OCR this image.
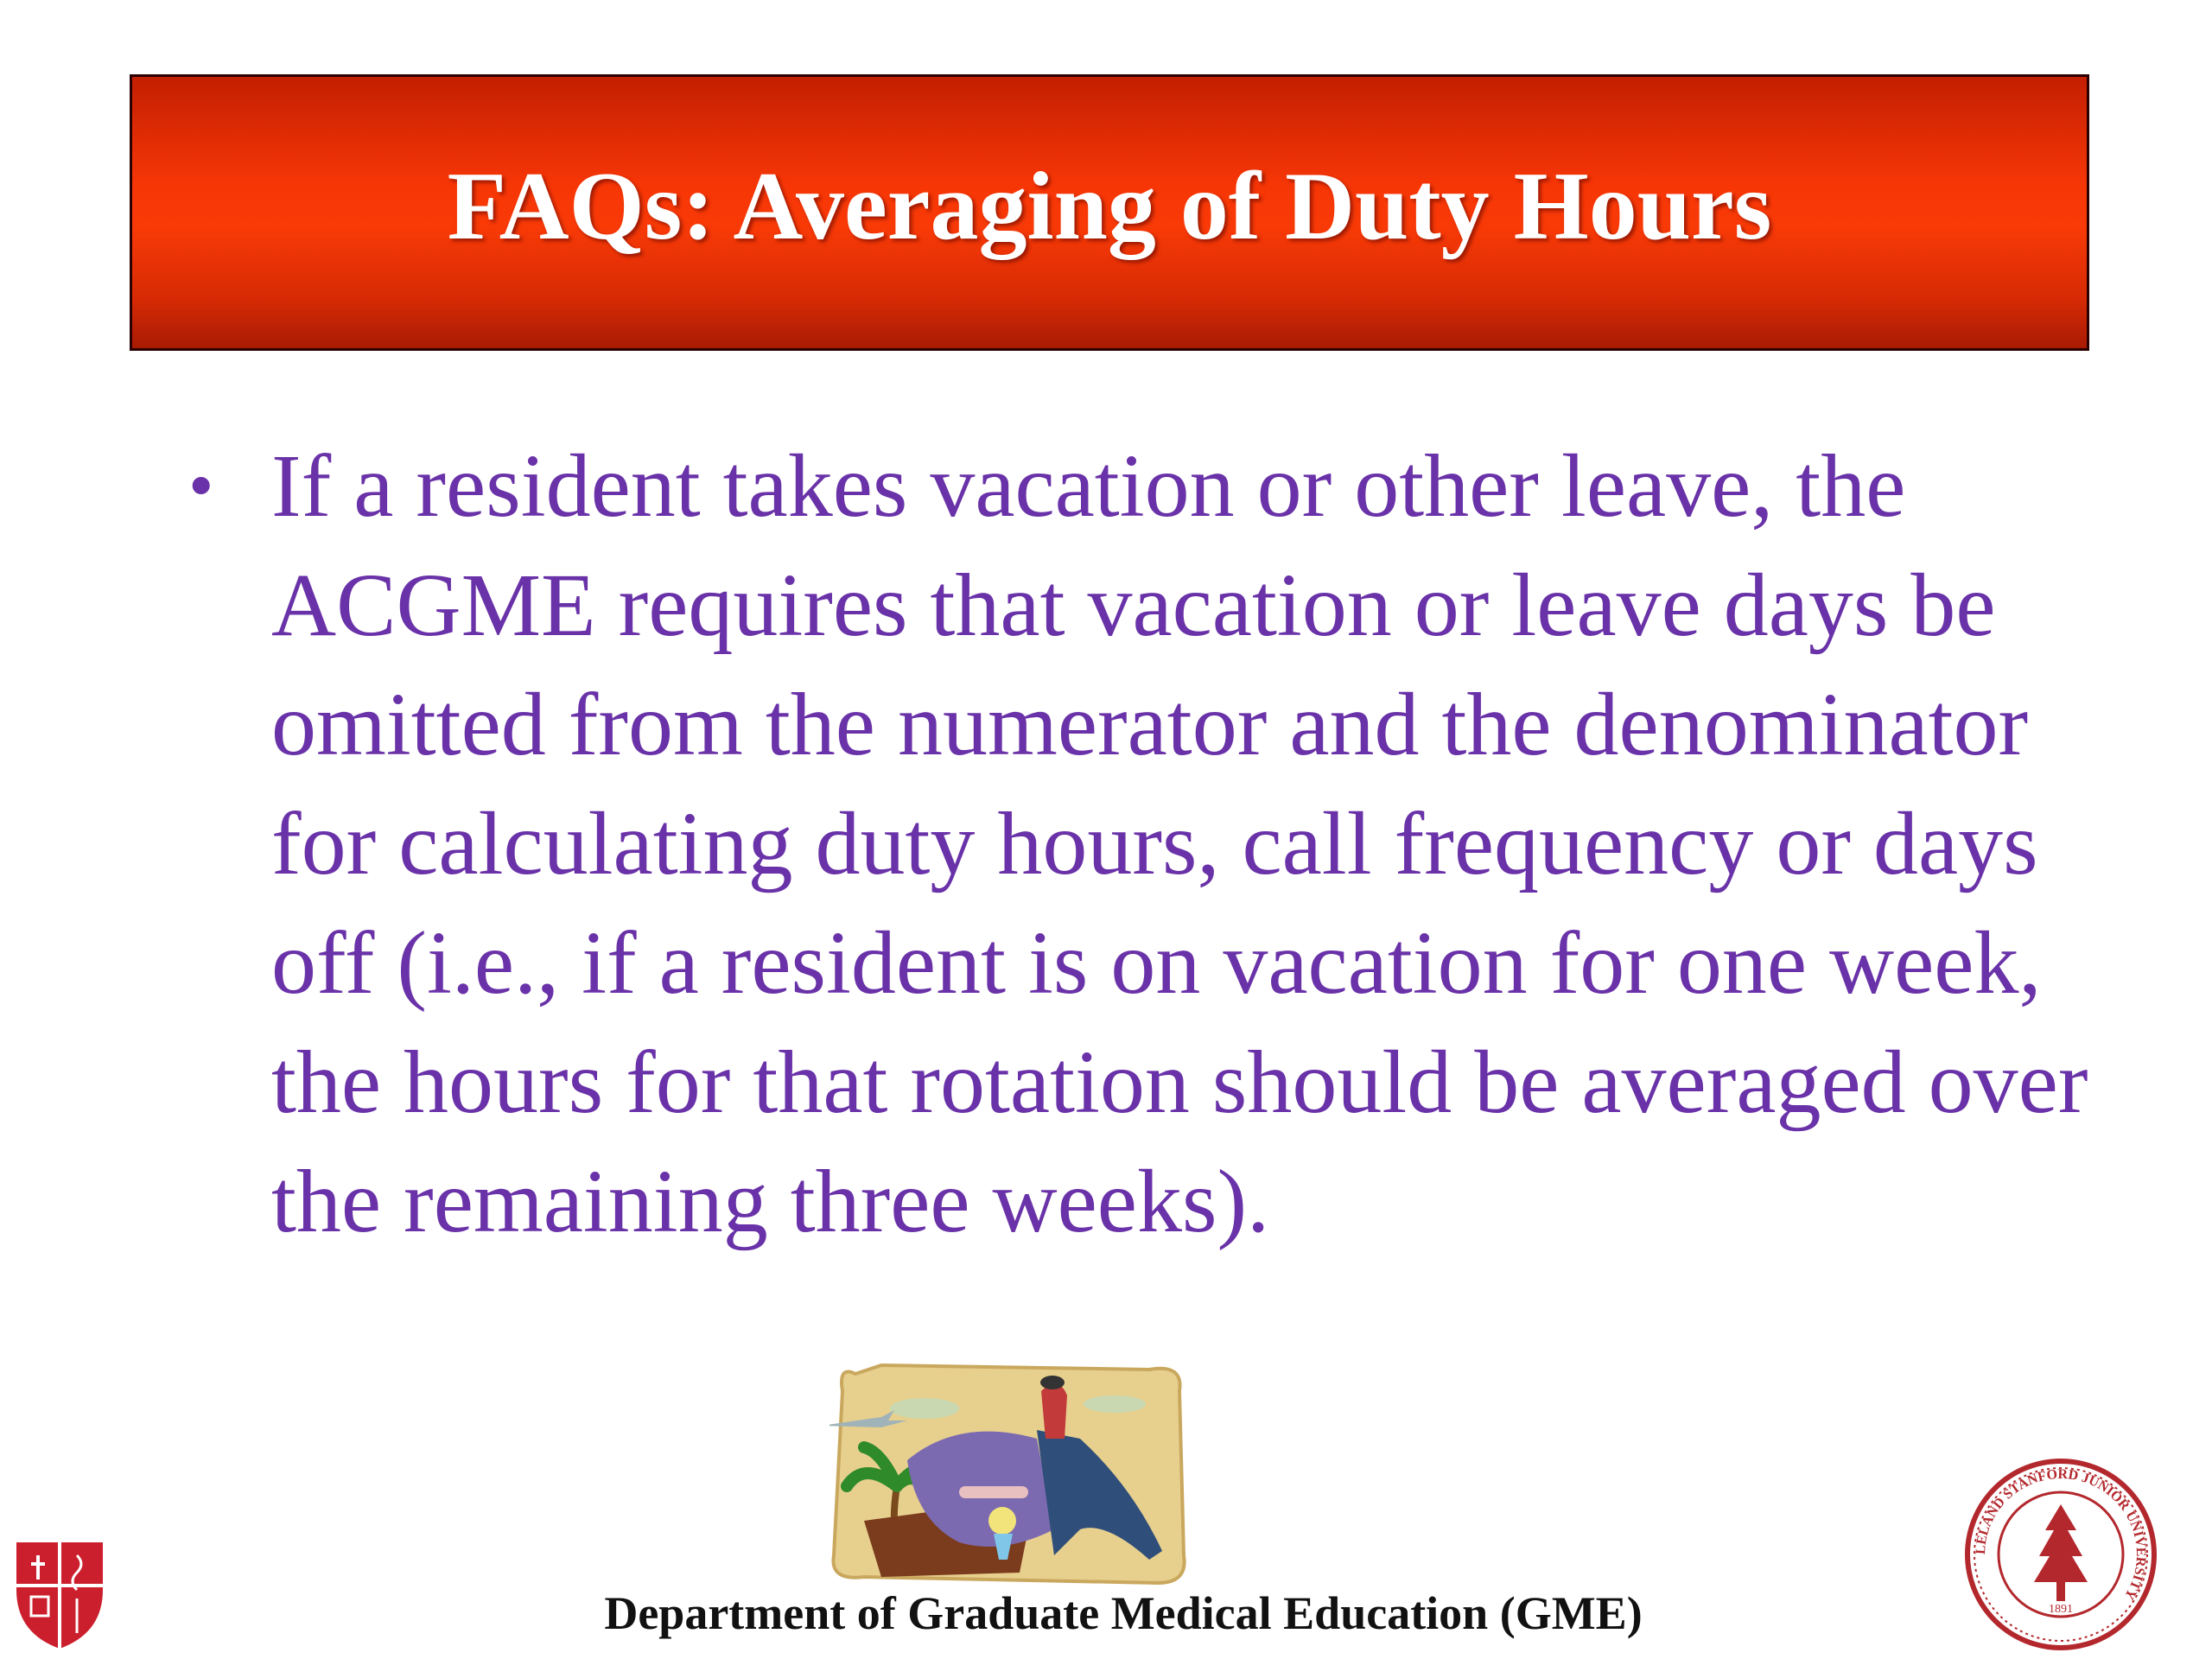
FAQs: Averaging of Duty Hours
• If a resident takes vacation or other leave, the ACGME requires that vacation or leave days be omitted from the numerator and the denominator for calculating duty hours, call frequency or days off (i.e., if a resident is on vacation for one week, the hours for that rotation should be averaged over the remaining three weeks).
LELAND STANFORD JUNIOR UNIVERSITY
1891
Department of Graduate Medical Education (GME)
